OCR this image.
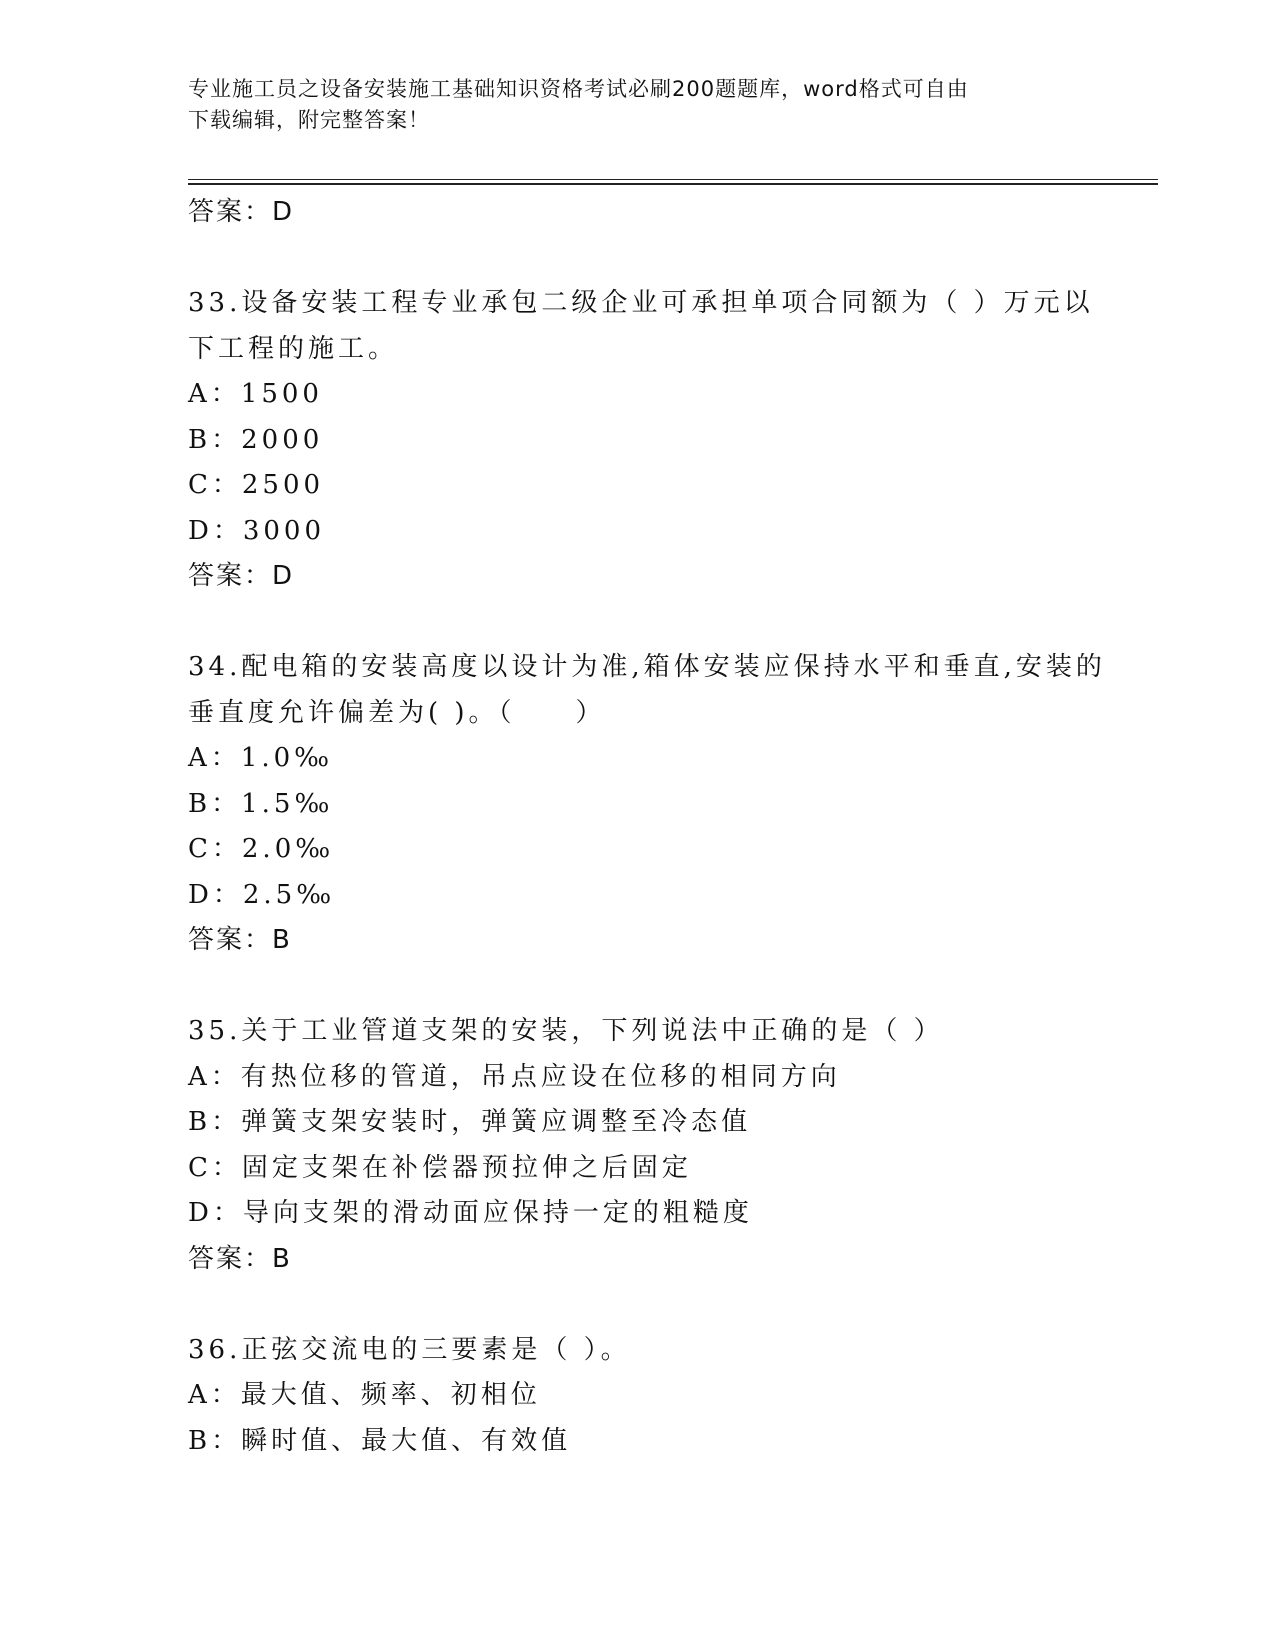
专业施工员之设备安装施工基础知识资格考试必刷200题题库，word格式可自由
下载编辑，附完整答案！
答案：D
33.设备安装工程专业承包二级企业可承担单项合同额为（ ）万元以
下工程的施工。
A：1500
B：2000
C：2500
D：3000
答案：D
34.配电箱的安装高度以设计为准,箱体安装应保持水平和垂直,安装的
垂直度允许偏差为( )。（　　）
A：1.0‰
B：1.5‰
C：2.0‰
D：2.5‰
答案：B
35.关于工业管道支架的安装，下列说法中正确的是（ ）
A：有热位移的管道，吊点应设在位移的相同方向
B：弹簧支架安装时，弹簧应调整至冷态值
C：固定支架在补偿器预拉伸之后固定
D：导向支架的滑动面应保持一定的粗糙度
答案：B
36.正弦交流电的三要素是（ ）。
A：最大值、频率、初相位
B：瞬时值、最大值、有效值
